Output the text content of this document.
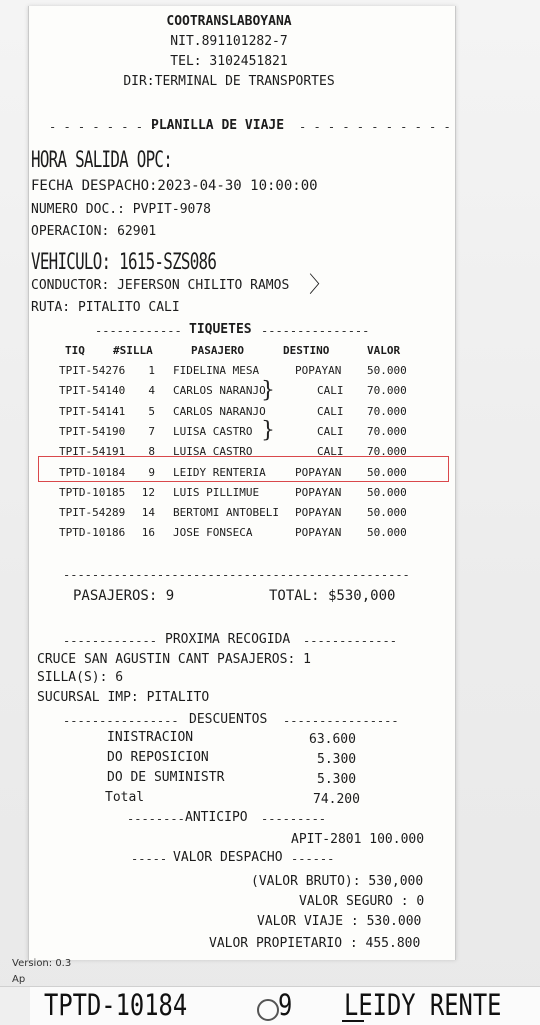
COOTRANSLABOYANA
NIT.891101282-7
TEL: 3102451821
DIR:TERMINAL DE TRANSPORTES
- - - - - - - - -
PLANILLA DE VIAJE - - - - - - - - - - -
HORA SALIDA OPC:
FECHA DESPACHO:2023-04-30 10:00:00
NUMERO DOC.: PVPIT-9078
OPERACION: 62901
VEHICULO: 1615-SZS086
CONDUCTOR: JEFERSON CHILITO RAMOS 〉
RUTA: PITALITO CALI
------------ TIQUETES ---------------
TIQ	#SILLA	PASAJERO	DESTINO	VALOR
TPIT-54276	1 FIDELINA MESA	POPAYAN 50.000
TPIT-54140	4 CARLOS NARANJO	CALI 70.000
TPIT-54141	5 CARLOS NARANJO	CALI 70.000
TPIT-54190	7 LUISA CASTRO	CALI 70.000
TPIT-54191	8 LUISA CASTRO	CALI 70.000
TPTD-10184	9 LEIDY RENTERIA	POPAYAN 50.000
TPTD-10185 12 LUIS PILLIMUE	POPAYAN 50.000
TPIT-54289 14 BERTOMI ANTOBELI POPAYAN 50.000
TPTD-10186 16 JOSE FONSECA	POPAYAN 50.000
}
}
------------------------------------------------
PASAJEROS: 9	TOTAL: $530,000
------------- PROXIMA RECOGIDA -------------
CRUCE SAN AGUSTIN CANT PASAJEROS: 1
SILLA(S): 6
SUCURSAL IMP: PITALITO
---------------- DESCUENTOS ----------------
INISTRACION	63.600
DO REPOSICION	5.300
DO DE SUMINISTR	5.300
Total	74.200
-------- ANTICIPO ---------
APIT-2801 100.000
----- VALOR DESPACHO ------
(VALOR BRUTO): 530,000
VALOR SEGURO : 0
VALOR VIAJE : 530.000
VALOR PROPIETARIO : 455.800
Version: 0.3
Ap
TPTD-10184	9 LEIDY RENTE
